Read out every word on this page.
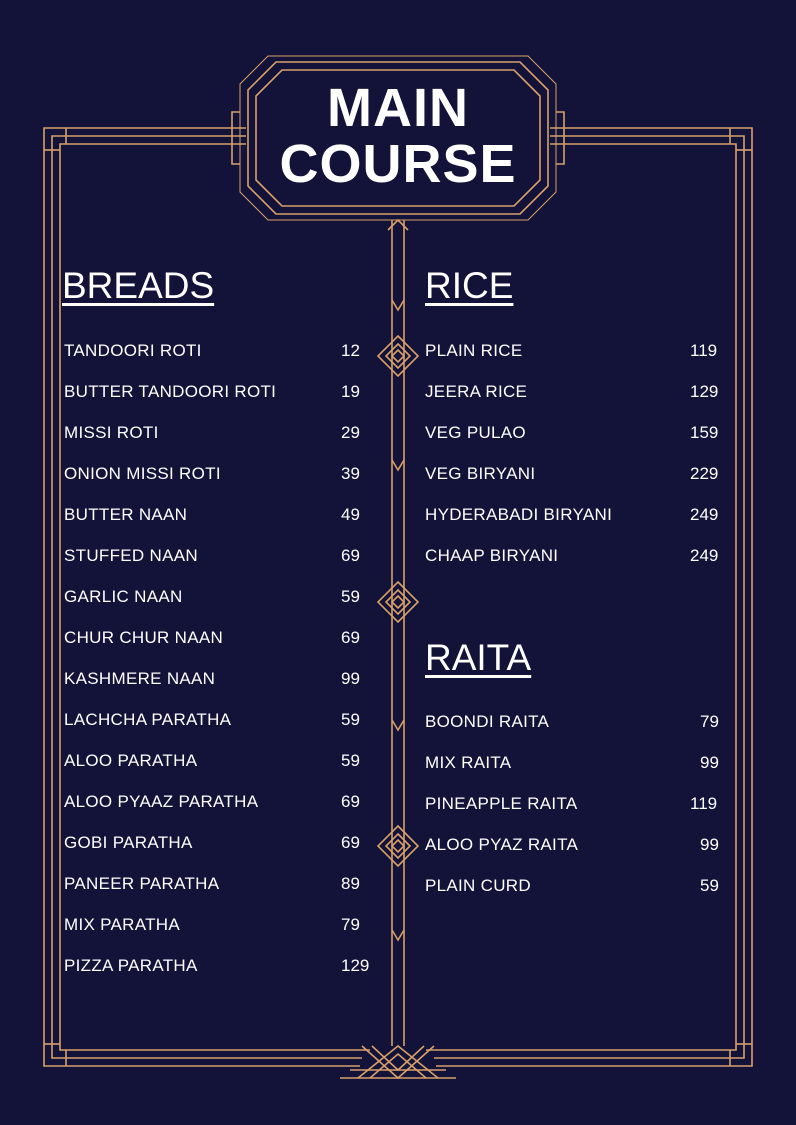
MAIN
COURSE
BREADS
TANDOORI ROTI	12
BUTTER TANDOORI ROTI	19
MISSI ROTI	29
ONION MISSI ROTI	39
BUTTER NAAN	49
STUFFED NAAN	69
GARLIC NAAN	59
CHUR CHUR NAAN	69
KASHMERE NAAN	99
LACHCHA PARATHA	59
ALOO PARATHA	59
ALOO PYAAZ PARATHA	69
GOBI PARATHA	69
PANEER PARATHA	89
MIX PARATHA	79
PIZZA PARATHA	129
RICE
PLAIN RICE	119
JEERA RICE	129
VEG PULAO	159
VEG BIRYANI	229
HYDERABADI BIRYANI	249
CHAAP BIRYANI	249
RAITA
BOONDI RAITA	79
MIX RAITA	99
PINEAPPLE RAITA	119
ALOO PYAZ RAITA	99
PLAIN CURD	59
